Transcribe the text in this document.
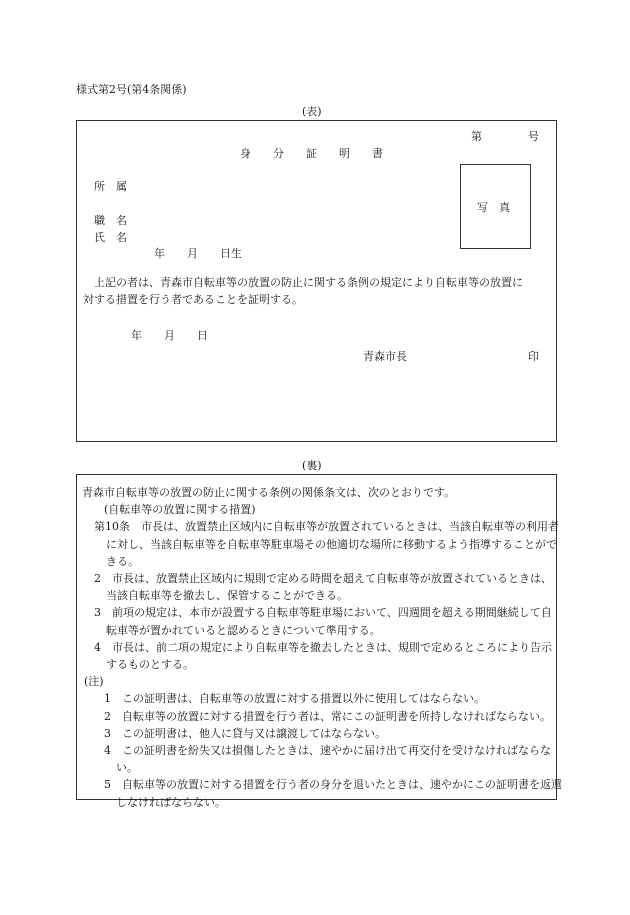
様式第2号(第4条関係)
(表)
第	号
身分証明書
所　属
写　真
職　名
氏　名
年　　月　　日生
上記の者は、青森市自転車等の放置の防止に関する条例の規定により自転車等の放置に
対する措置を行う者であることを証明する。
年　　月　　日
青森市長	印
(裏)
青森市自転車等の放置の防止に関する条例の関係条文は、次のとおりです。
(自転車等の放置に関する措置)
第10条　市長は、放置禁止区域内に自転車等が放置されているときは、当該自転車等の利用者に対し、当該自転車等を自転車等駐車場その他適切な場所に移動するよう指導することができる。
2　市長は、放置禁止区域内に規則で定める時間を超えて自転車等が放置されているときは、当該自転車等を撤去し、保管することができる。
3　前項の規定は、本市が設置する自転車等駐車場において、四週間を超える期間継続して自転車等が置かれていると認めるときについて準用する。
4　市長は、前二項の規定により自転車等を撤去したときは、規則で定めるところにより告示するものとする。
(注)
1　この証明書は、自転車等の放置に対する措置以外に使用してはならない。
2　自転車等の放置に対する措置を行う者は、常にこの証明書を所持しなければならない。
3　この証明書は、他人に貸与又は譲渡してはならない。
4　この証明書を紛失又は損傷したときは、速やかに届け出て再交付を受けなければならない。
5　自転車等の放置に対する措置を行う者の身分を退いたときは、速やかにこの証明書を返還しなければならない。
